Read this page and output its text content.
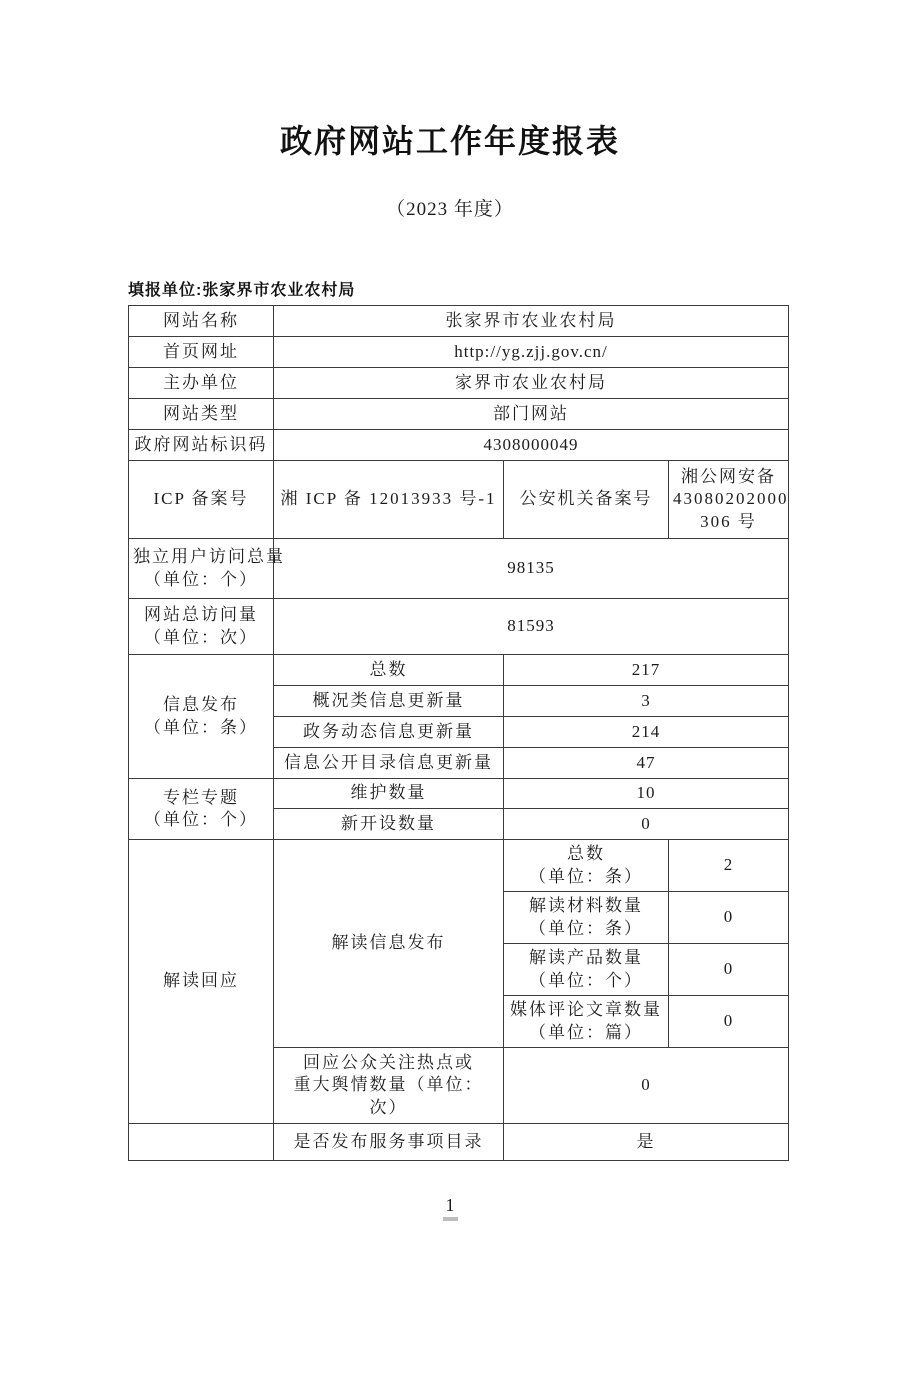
政府网站工作年度报表
（2023 年度）
填报单位:张家界市农业农村局
网站名称	张家界市农业农村局		
首页网址	http://yg.zjj.gov.cn/		
主办单位	家界市农业农村局		
网站类型	部门网站		
政府网站标识码	4308000049		
ICP 备案号	湘 ICP 备 12013933 号-1	公安机关备案号	湘公网安备
43080202000
306 号

独立用户访问总量（单位：个）	98135		
网站总访问量 （单位：次）	81593		

信息发布
（单位：条）	总数	217	
	概况类信息更新量	3	
	政务动态信息更新量	214	
	信息公开目录信息更新量	47	

专栏专题
（单位：个）	维护数量	10	
	新开设数量	0	
解读回应	解读信息发布	总数
（单位：条）	2

		解读材料数量
（单位：条）	0

		解读产品数量
（单位：个）	0

		媒体评论文章数量
（单位：篇）	0

	回应公众关注热点或
重大舆情数量（单位：
次）	0	
	是否发布服务事项目录	是	
1
